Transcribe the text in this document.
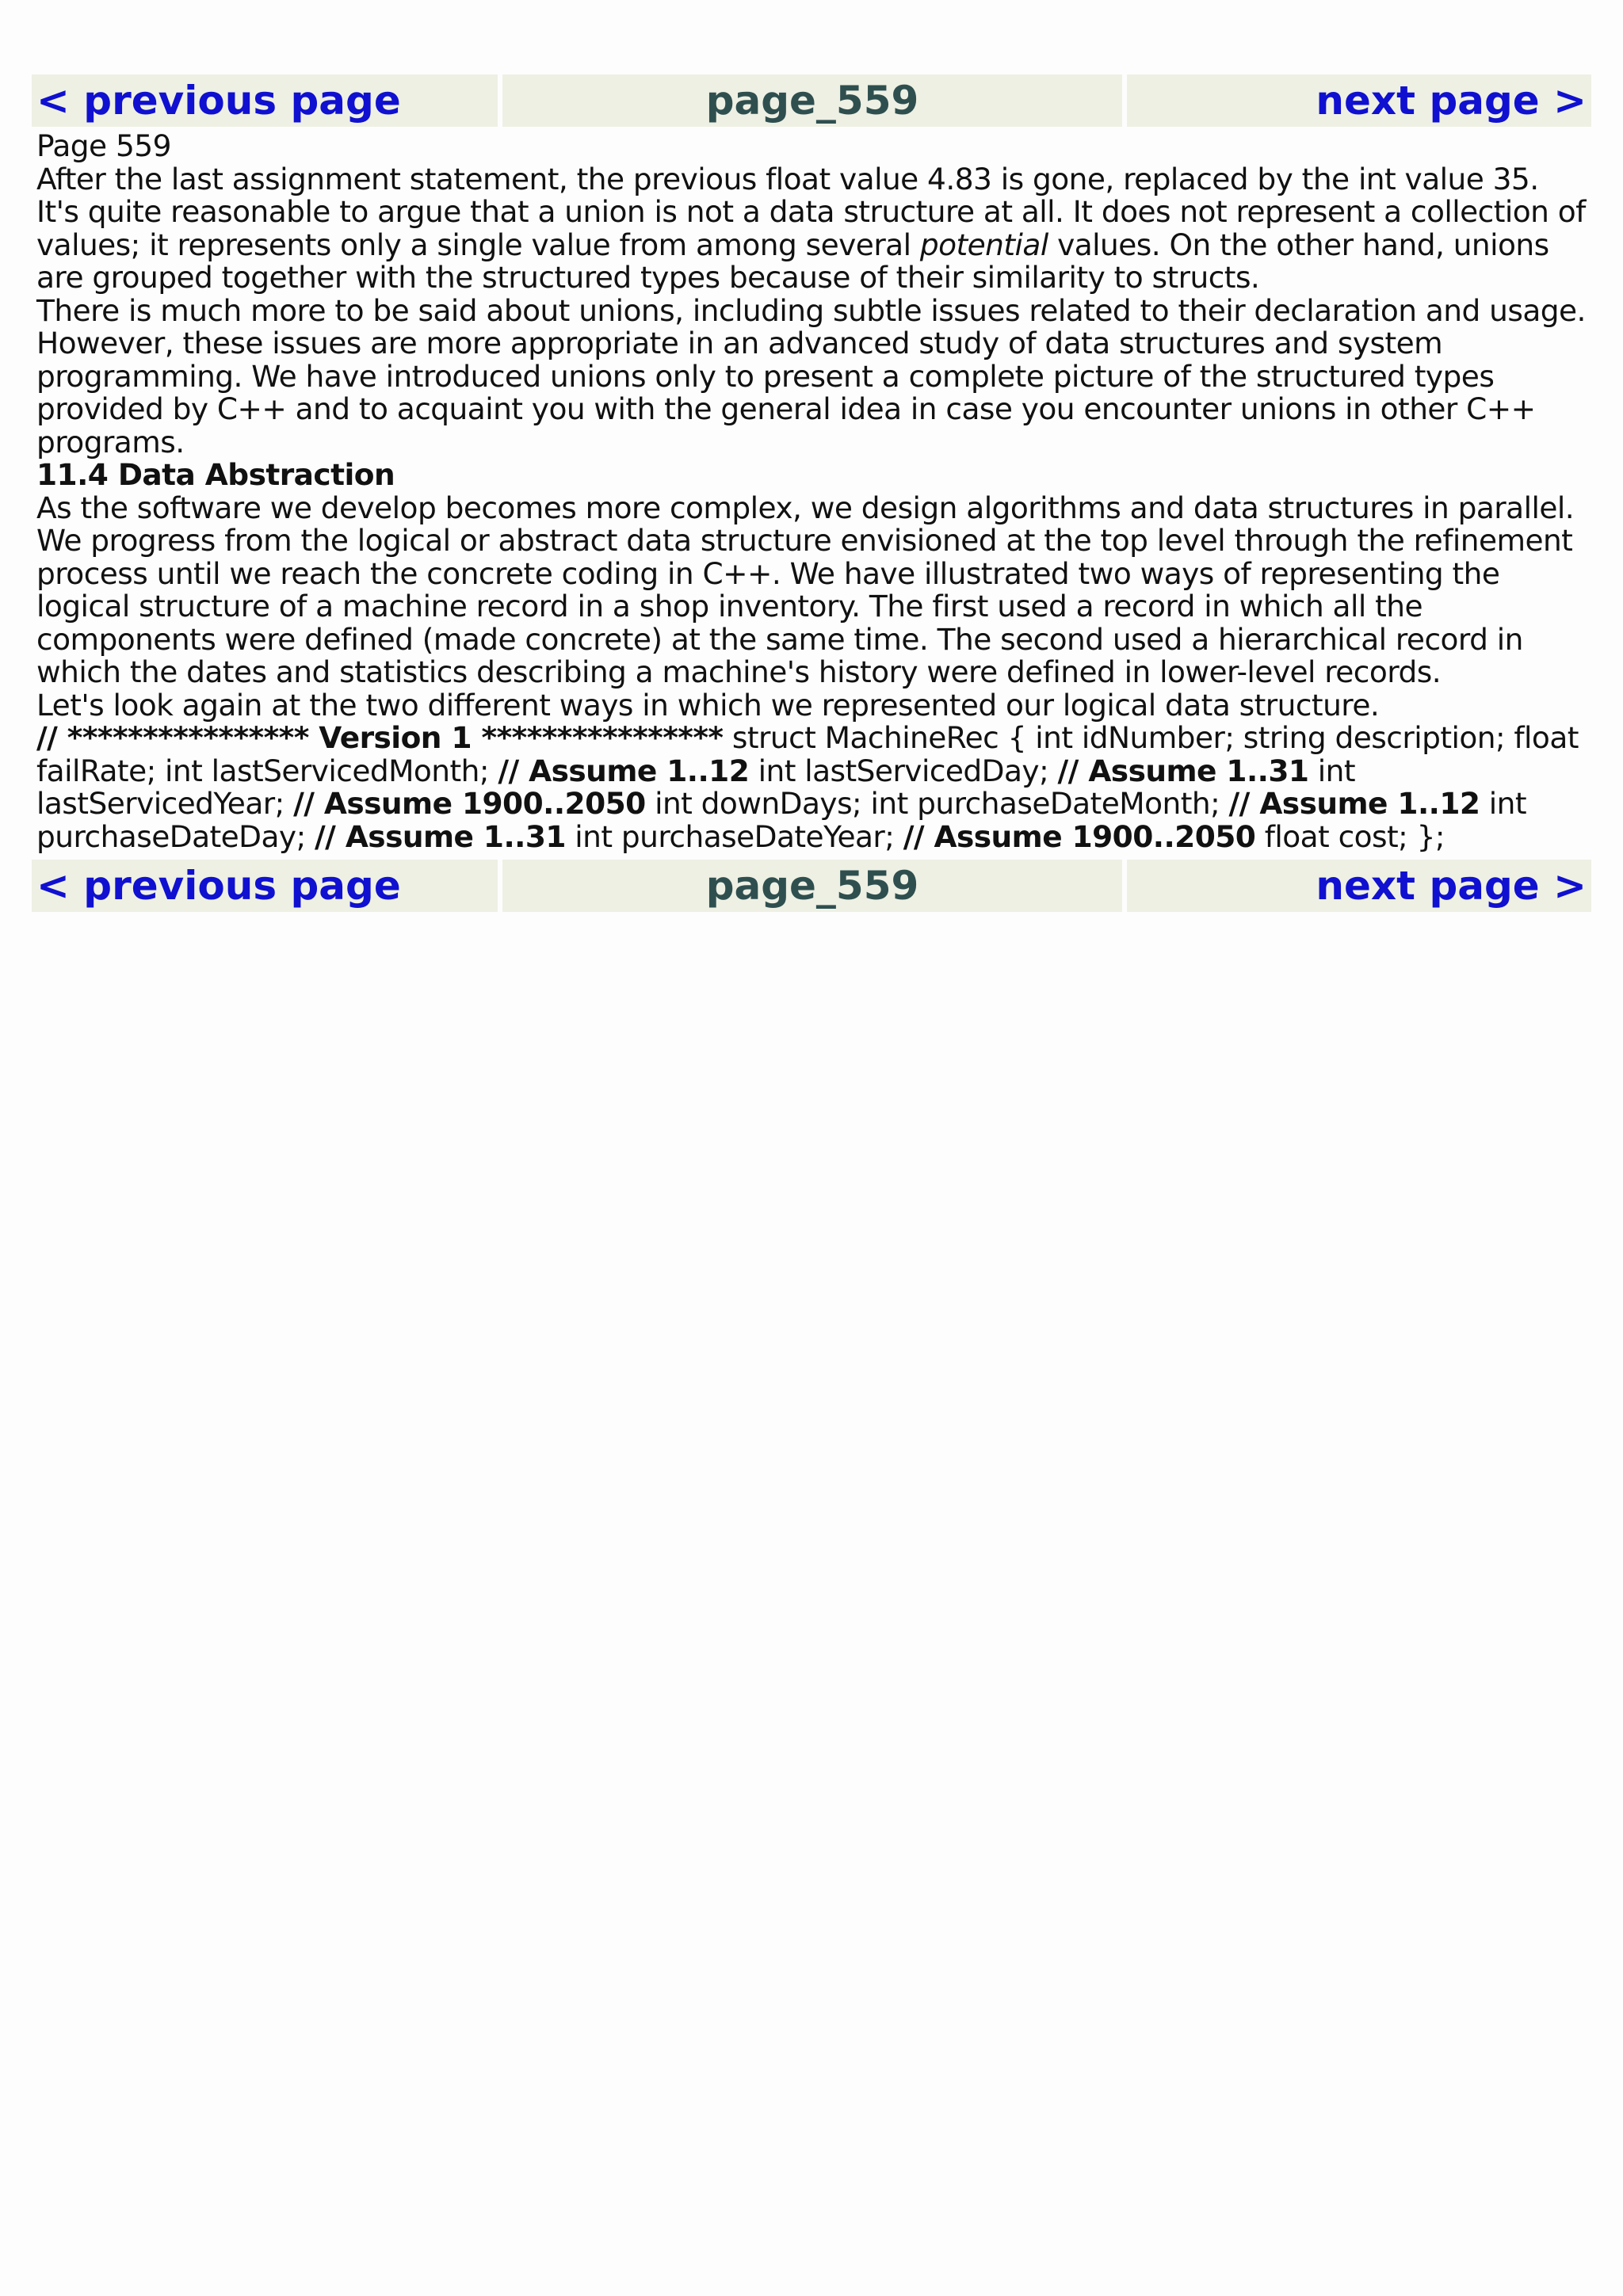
< previous page	page_559	next page >

Page 559

After the last assignment statement, the previous float value 4.83 is gone, replaced by the int value 35. It's quite reasonable to argue that a union is not a data structure at all. It does not represent a collection of values; it represents only a single value from among several potential values. On the other hand, unions are grouped together with the structured types because of their similarity to structs.

There is much more to be said about unions, including subtle issues related to their declaration and usage. However, these issues are more appropriate in an advanced study of data structures and system programming. We have introduced unions only to present a complete picture of the structured types provided by C++ and to acquaint you with the general idea in case you encounter unions in other C++ programs.

11.4 Data Abstraction

As the software we develop becomes more complex, we design algorithms and data structures in parallel. We progress from the logical or abstract data structure envisioned at the top level through the refinement process until we reach the concrete coding in C++. We have illustrated two ways of representing the logical structure of a machine record in a shop inventory. The first used a record in which all the components were defined (made concrete) at the same time. The second used a hierarchical record in which the dates and statistics describing a machine's history were defined in lower-level records.

Let's look again at the two different ways in which we represented our logical data structure.

// **************** Version 1 **************** struct MachineRec { int idNumber; string description; float failRate; int lastServicedMonth; // Assume 1..12 int lastServicedDay; // Assume 1..31 int lastServicedYear; // Assume 1900..2050 int downDays; int purchaseDateMonth; // Assume 1..12 int purchaseDateDay; // Assume 1..31 int purchaseDateYear; // Assume 1900..2050 float cost; };

< previous page	page_559	next page >
